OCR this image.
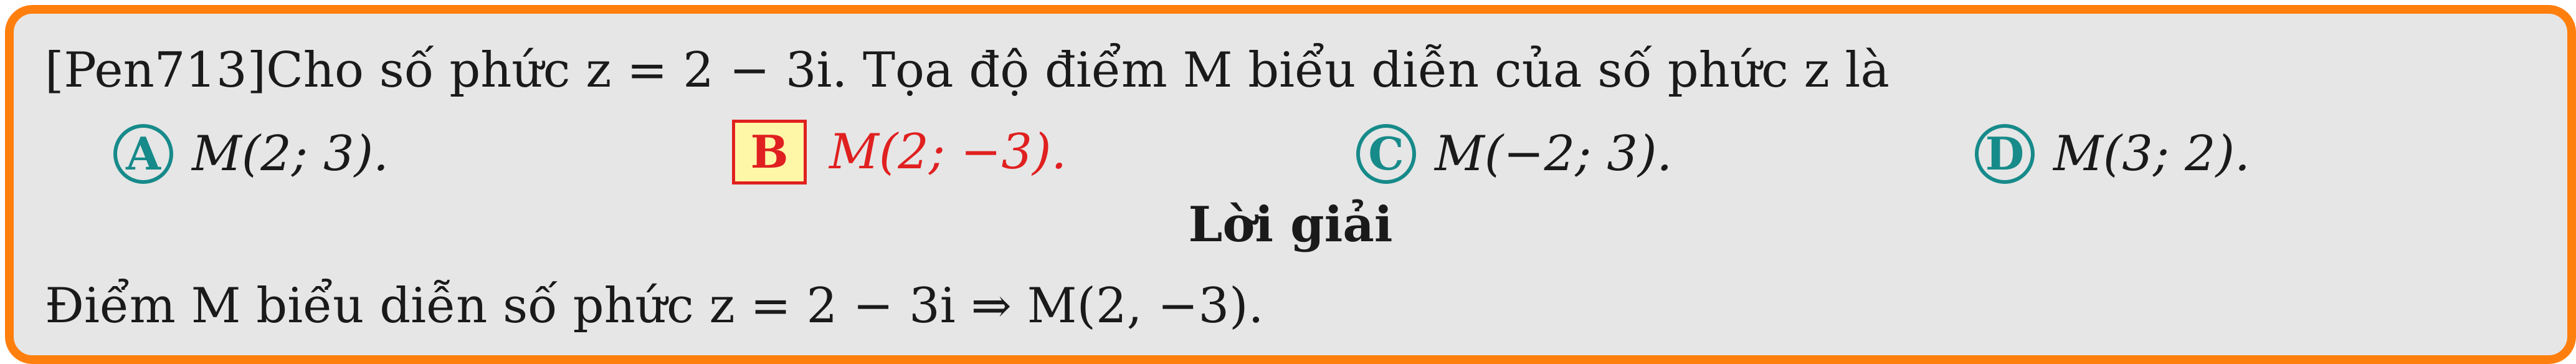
[Pen713]Cho số phức z = 2 − 3i. Tọa độ điểm M biểu diễn của số phức z là
A M(2; 3).	B M(2; −3).	C M(−2; 3).	D M(3; 2).
Lời giải
Điểm M biểu diễn số phức z = 2 − 3i ⇒ M(2, −3).
